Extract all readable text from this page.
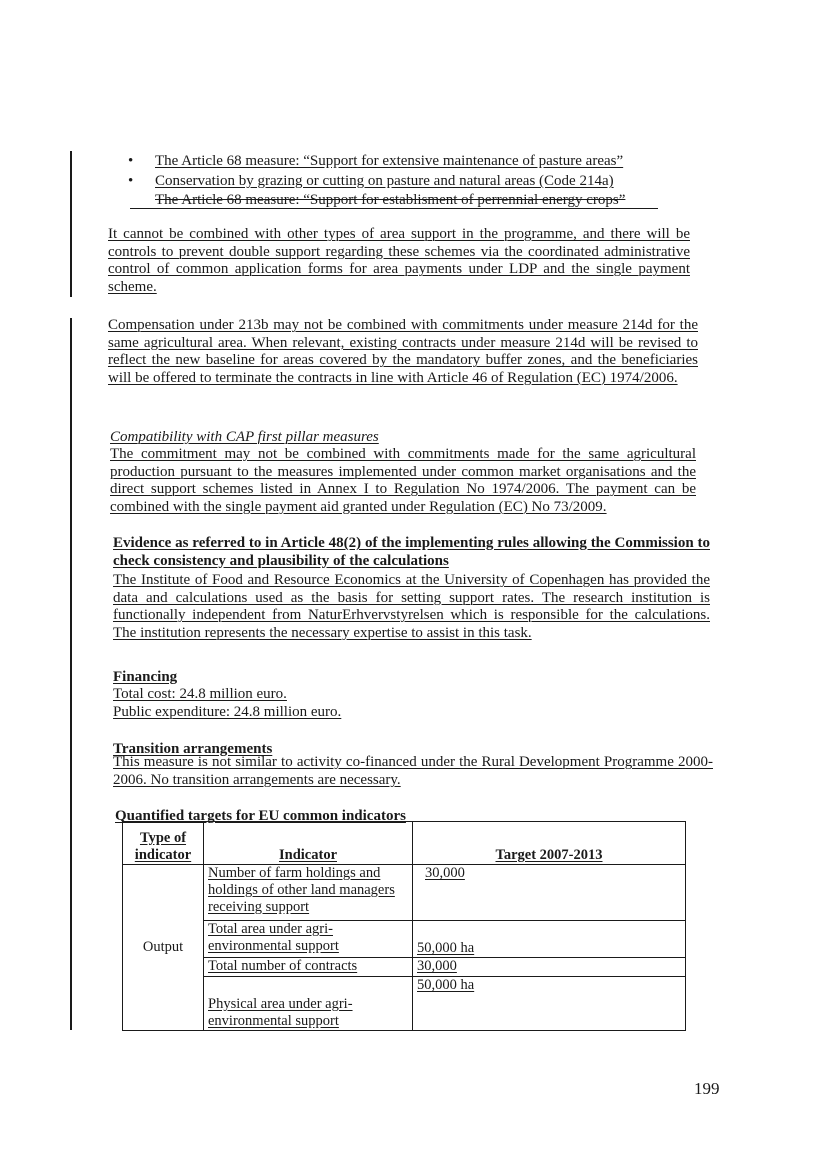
• The Article 68 measure: “Support for extensive maintenance of pasture areas”
• Conservation by grazing or cutting on pasture and natural areas (Code 214a)
The Article 68 measure: “Support for establisment of perrennial energy crops”

It cannot be combined with other types of area support in the programme, and there will be controls to prevent double support regarding these schemes via the coordinated administrative control of common application forms for area payments under LDP and the single payment scheme.

Compensation under 213b may not be combined with commitments under measure 214d for the same agricultural area. When relevant, existing contracts under measure 214d will be revised to reflect the new baseline for areas covered by the mandatory buffer zones, and the beneficiaries will be offered to terminate the contracts in line with Article 46 of Regulation (EC) 1974/2006.

Compatibility with CAP first pillar measures

The commitment may not be combined with commitments made for the same agricultural production pursuant to the measures implemented under common market organisations and the direct support schemes listed in Annex I to Regulation No 1974/2006. The payment can be combined with the single payment aid granted under Regulation (EC) No 73/2009.

Evidence as referred to in Article 48(2) of the implementing rules allowing the Commission to check consistency and plausibility of the calculations

The Institute of Food and Resource Economics at the University of Copenhagen has provided the data and calculations used as the basis for setting support rates. The research institution is functionally independent from NaturErhvervstyrelsen which is responsible for the calculations. The institution represents the necessary expertise to assist in this task.

Financing

Total cost: 24.8 million euro.

Public expenditure: 24.8 million euro.

Transition arrangements

This measure is not similar to activity co-financed under the Rural Development Programme 2000-2006. No transition arrangements are necessary.

Quantified targets for EU common indicators

Type of indicator	Indicator	Target 2007-2013
Output	Number of farm holdings and holdings of other land managers receiving support	30,000
	Total area under agri-environmental support	50,000 ha
	Total number of contracts	30,000
	Physical area under agri-environmental support	50,000 ha
199
